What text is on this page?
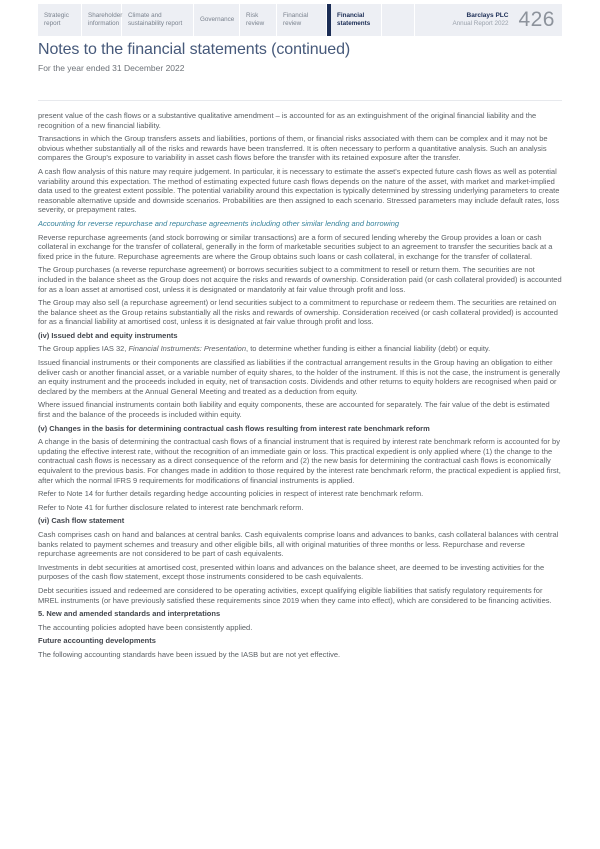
Strategic report
Shareholder information
Climate and sustainability report
Governance
Risk review
Financial review
Financial statements
Barclays PLC
Annual Report 2022 426
Notes to the financial statements (continued)
For the year ended 31 December 2022

present value of the cash flows or a substantive qualitative amendment – is accounted for as an extinguishment of the original financial liability and the recognition of a new financial liability.

Transactions in which the Group transfers assets and liabilities, portions of them, or financial risks associated with them can be complex and it may not be obvious whether substantially all of the risks and rewards have been transferred. It is often necessary to perform a quantitative analysis. Such an analysis compares the Group's exposure to variability in asset cash flows before the transfer with its retained exposure after the transfer.

A cash flow analysis of this nature may require judgement. In particular, it is necessary to estimate the asset's expected future cash flows as well as potential variability around this expectation. The method of estimating expected future cash flows depends on the nature of the asset, with market and market-implied data used to the greatest extent possible. The potential variability around this expectation is typically determined by stressing underlying parameters to create reasonable alternative upside and downside scenarios. Probabilities are then assigned to each scenario. Stressed parameters may include default rates, loss severity, or prepayment rates.

Accounting for reverse repurchase and repurchase agreements including other similar lending and borrowing

Reverse repurchase agreements (and stock borrowing or similar transactions) are a form of secured lending whereby the Group provides a loan or cash collateral in exchange for the transfer of collateral, generally in the form of marketable securities subject to an agreement to transfer the securities back at a fixed price in the future. Repurchase agreements are where the Group obtains such loans or cash collateral, in exchange for the transfer of collateral.

The Group purchases (a reverse repurchase agreement) or borrows securities subject to a commitment to resell or return them. The securities are not included in the balance sheet as the Group does not acquire the risks and rewards of ownership. Consideration paid (or cash collateral provided) is accounted for as a loan asset at amortised cost, unless it is designated or mandatorily at fair value through profit and loss.

The Group may also sell (a repurchase agreement) or lend securities subject to a commitment to repurchase or redeem them. The securities are retained on the balance sheet as the Group retains substantially all the risks and rewards of ownership. Consideration received (or cash collateral provided) is accounted for as a financial liability at amortised cost, unless it is designated at fair value through profit and loss.

(iv) Issued debt and equity instruments

The Group applies IAS 32, Financial Instruments: Presentation, to determine whether funding is either a financial liability (debt) or equity.

Issued financial instruments or their components are classified as liabilities if the contractual arrangement results in the Group having an obligation to either deliver cash or another financial asset, or a variable number of equity shares, to the holder of the instrument. If this is not the case, the instrument is generally an equity instrument and the proceeds included in equity, net of transaction costs. Dividends and other returns to equity holders are recognised when paid or declared by the members at the Annual General Meeting and treated as a deduction from equity.

Where issued financial instruments contain both liability and equity components, these are accounted for separately. The fair value of the debt is estimated first and the balance of the proceeds is included within equity.

(v) Changes in the basis for determining contractual cash flows resulting from interest rate benchmark reform

A change in the basis of determining the contractual cash flows of a financial instrument that is required by interest rate benchmark reform is accounted for by updating the effective interest rate, without the recognition of an immediate gain or loss. This practical expedient is only applied where (1) the change to the contractual cash flows is necessary as a direct consequence of the reform and (2) the new basis for determining the contractual cash flows is economically equivalent to the previous basis. For changes made in addition to those required by the interest rate benchmark reform, the practical expedient is applied first, after which the normal IFRS 9 requirements for modifications of financial instruments is applied.

Refer to Note 14 for further details regarding hedge accounting policies in respect of interest rate benchmark reform.

Refer to Note 41 for further disclosure related to interest rate benchmark reform.

(vi) Cash flow statement

Cash comprises cash on hand and balances at central banks. Cash equivalents comprise loans and advances to banks, cash collateral balances with central banks related to payment schemes and treasury and other eligible bills, all with original maturities of three months or less. Repurchase and reverse repurchase agreements are not considered to be part of cash equivalents.

Investments in debt securities at amortised cost, presented within loans and advances on the balance sheet, are deemed to be investing activities for the purposes of the cash flow statement, except those instruments considered to be cash equivalents.

Debt securities issued and redeemed are considered to be operating activities, except qualifying eligible liabilities that satisfy regulatory requirements for MREL instruments (or have previously satisfied these requirements since 2019 when they came into effect), which are considered to be financing activities.

5. New and amended standards and interpretations

The accounting policies adopted have been consistently applied.

Future accounting developments

The following accounting standards have been issued by the IASB but are not yet effective.
